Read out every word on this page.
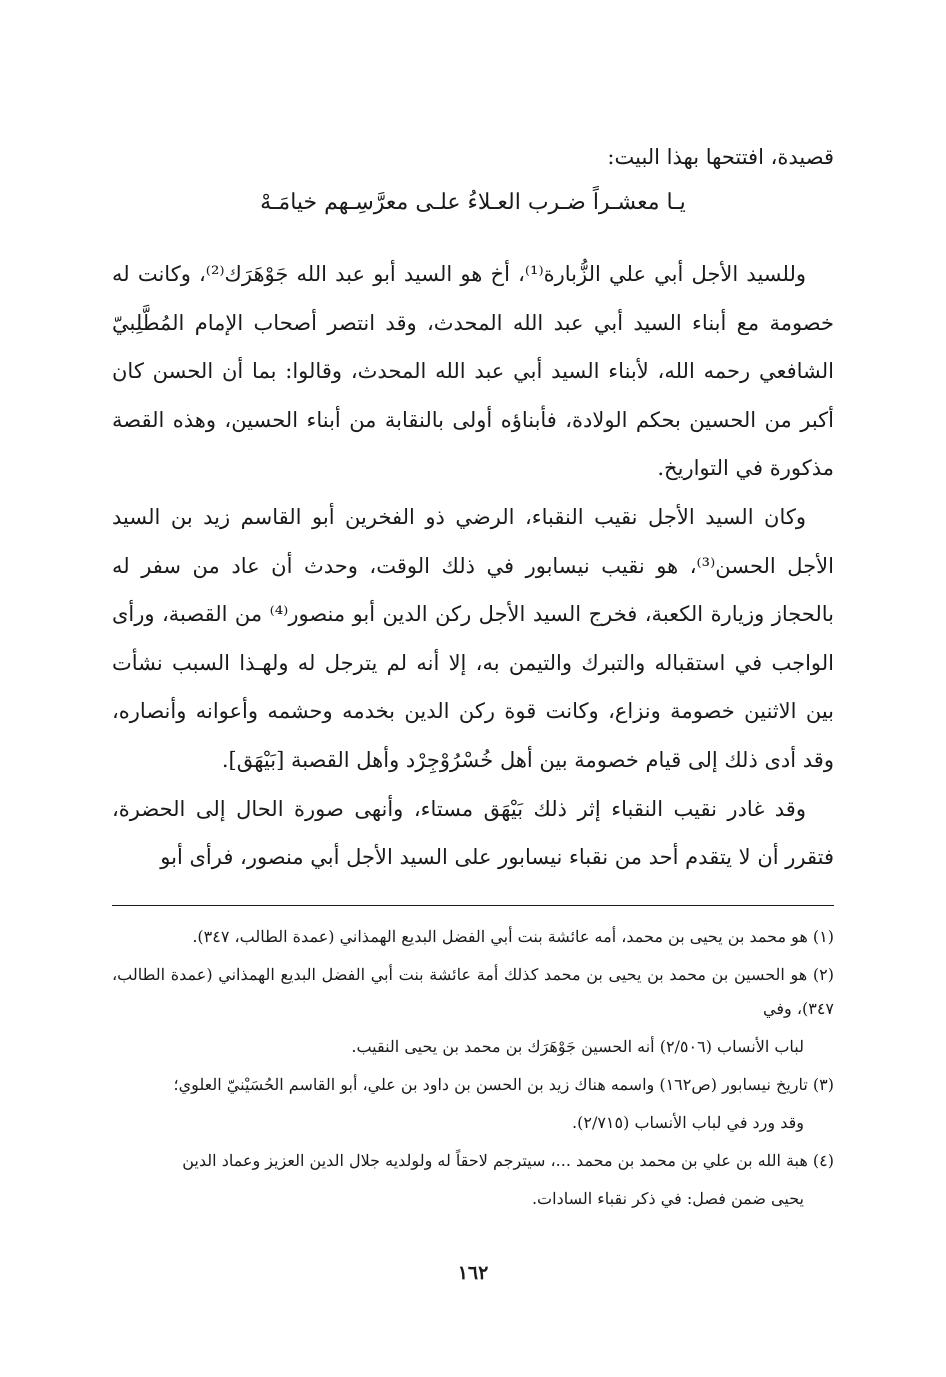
قصيدة، افتتحها بهذا البيت:
يـا معشـراً ضـرب العـلاءُ علـى معرَّسِـهم خيامَـهْ

وللسيد الأجل أبي علي الزُّبارة⁽¹⁾، أخ هو السيد أبو عبد الله جَوْهَرَك⁽²⁾، وكانت له خصومة مع أبناء السيد أبي عبد الله المحدث، وقد انتصر أصحاب الإمام المُطَّلِبيّ الشافعي رحمه الله، لأبناء السيد أبي عبد الله المحدث، وقالوا: بما أن الحسن كان أكبر من الحسين بحكم الولادة، فأبناؤه أولى بالنقابة من أبناء الحسين، وهذه القصة مذكورة في التواريخ.

وكان السيد الأجل نقيب النقباء، الرضي ذو الفخرين أبو القاسم زيد بن السيد الأجل الحسن⁽³⁾، هو نقيب نيسابور في ذلك الوقت، وحدث أن عاد من سفر له بالحجاز وزيارة الكعبة، فخرج السيد الأجل ركن الدين أبو منصور⁽⁴⁾ من القصبة، ورأى الواجب في استقباله والتبرك والتيمن به، إلا أنه لم يترجل له ولهـذا السبب نشأت بين الاثنين خصومة ونزاع، وكانت قوة ركن الدين بخدمه وحشمه وأعوانه وأنصاره، وقد أدى ذلك إلى قيام خصومة بين أهل خُسْرُوْجِرْد وأهل القصبة [بَيْهَق].

وقد غادر نقيب النقباء إثر ذلك بَيْهَق مستاء، وأنهى صورة الحال إلى الحضرة، فتقرر أن لا يتقدم أحد من نقباء نيسابور على السيد الأجل أبي منصور، فرأى أبو

(١) هو محمد بن يحيى بن محمد، أمه عائشة بنت أبي الفضل البديع الهمذاني (عمدة الطالب، ٣٤٧).

(٢) هو الحسين بن محمد بن يحيى بن محمد كذلك أمة عائشة بنت أبي الفضل البديع الهمذاني (عمدة الطالب، ٣٤٧)، وفي

لباب الأنساب (٢/٥٠٦) أنه الحسين جَوْهَرَك بن محمد بن يحيى النقيب.

(٣) تاريخ نيسابور (ص١٦٢) واسمه هناك زيد بن الحسن بن داود بن علي، أبو القاسم الحُسَيْنيّ العلوي؛

وقد ورد في لباب الأنساب (٢/٧١٥).

(٤) هبة الله بن علي بن محمد بن محمد ...، سيترجم لاحقاً له ولولديه جلال الدين العزيز وعماد الدين

يحيى ضمن فصل: في ذكر نقباء السادات.

١٦٢
